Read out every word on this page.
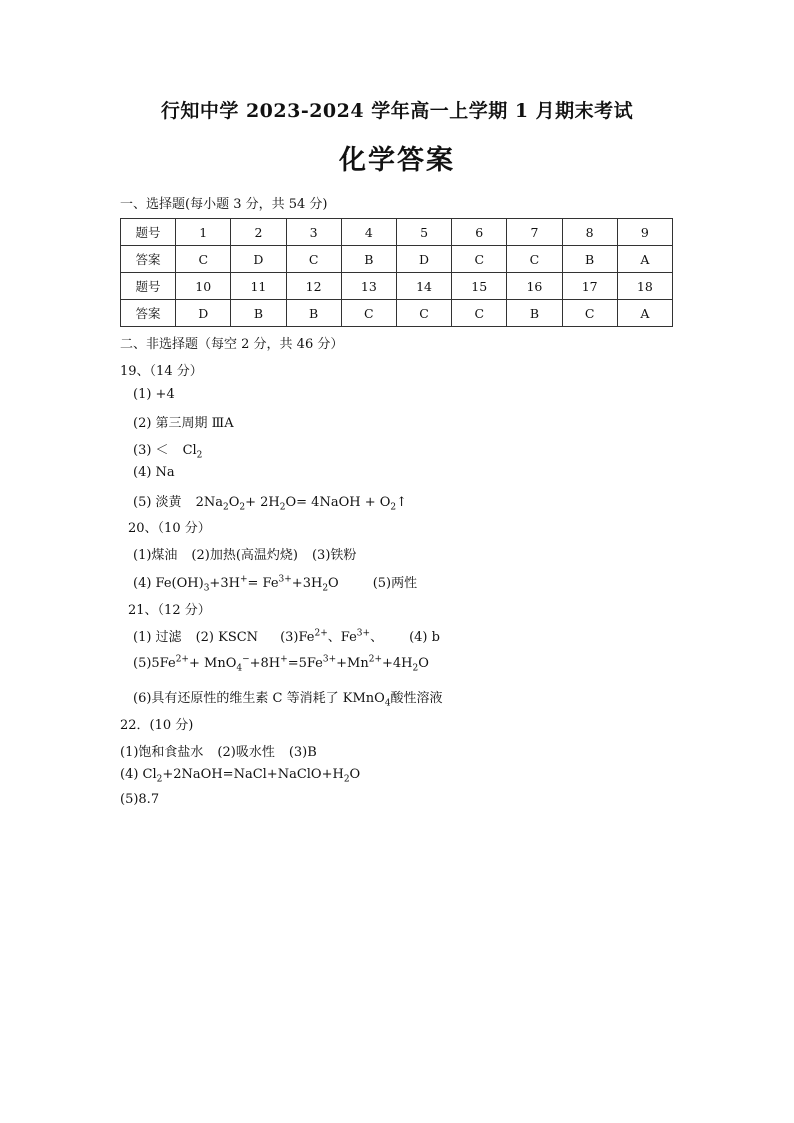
行知中学 2023-2024 学年高一上学期 1 月期末考试
化学答案
一、选择题(每小题 3 分，共 54 分)
题号	1	2	3	4	5	6	7	8	9
答案	C	D	C	B	D	C	C	B	A
题号	10	11	12	13	14	15	16	17	18
答案	D	B	B	C	C	C	B	C	A
二、非选择题（每空 2 分，共 46 分）
19、（14 分）
(1) +4
(2) 第三周期 ⅢA
$(3) < Cl_2$
(4) Na
(5) 淡黄 $2Na_2O_2+ 2H_2O=$ 4NaOH + $O_2↑$
20、（10 分）
(1)煤油 (2)加热(高温灼烧) (3)铁粉
(4) $Fe(OH)_3+3H^+= Fe^{3+}+3H_2O$	(5)两性
21、（12 分）
(1) 过滤 (2) KSCN $(3)Fe^{2+}$、$Fe^{3+}$、 (4) b
$(5)5Fe^{2+}+ MnO_4^-+8H^+=5Fe^{3+}+Mn^{2+}+4H_2O$
(6)具有还原性的维生素 C 等消耗了 KMnO$_4$酸性溶液
22．(10 分)
(1)饱和食盐水 (2)吸水性 (3)B
(4) $Cl_2+2NaOH=NaCl+NaClO+H_2O$
(5)8.7
